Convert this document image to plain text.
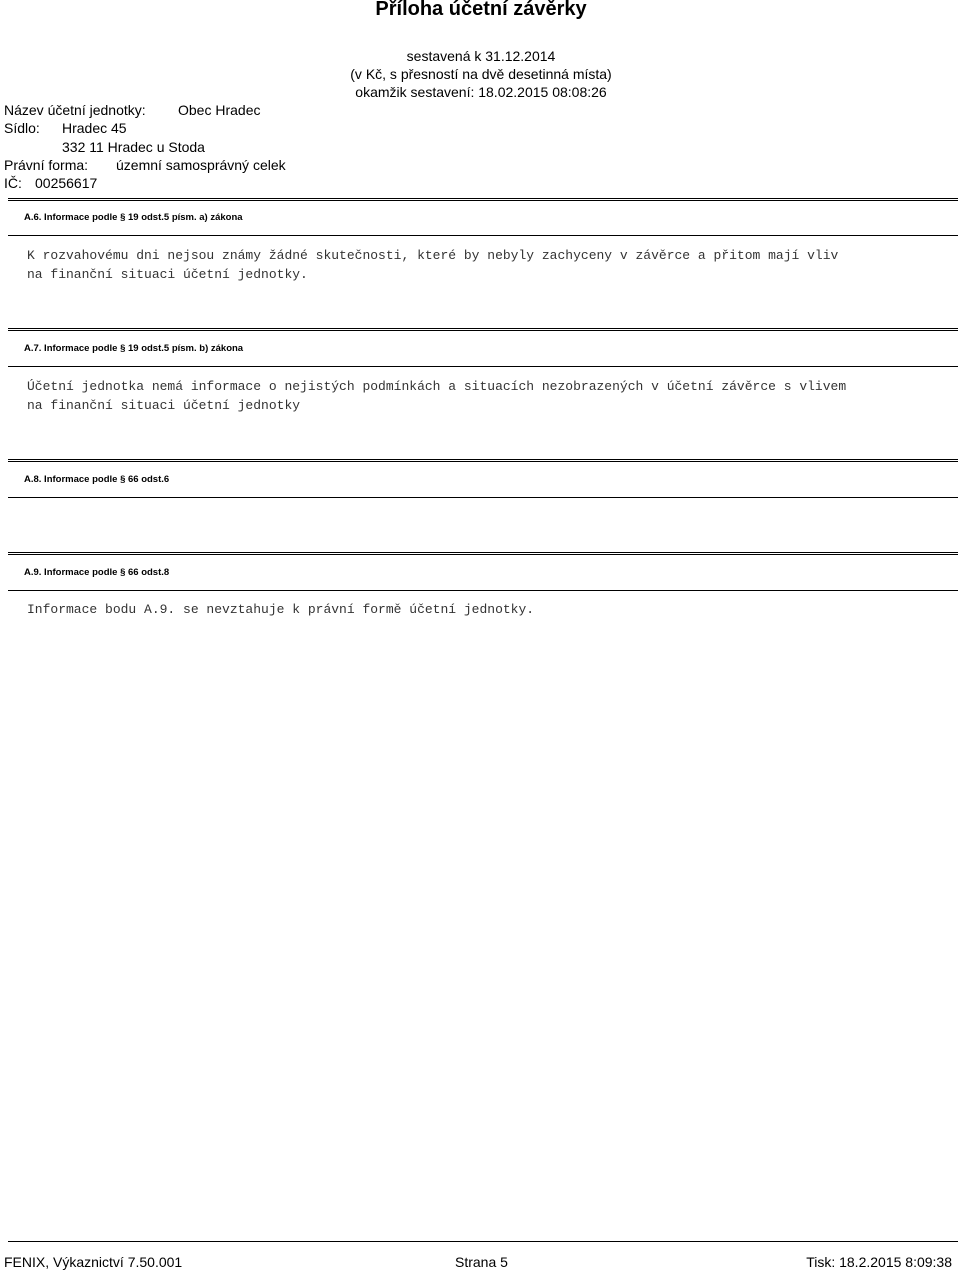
Příloha účetní závěrky
sestavená k 31.12.2014
(v Kč, s přesností na dvě desetinná místa)
okamžik sestavení: 18.02.2015 08:08:26
Název účetní jednotky: Obec Hradec
Sídlo: Hradec 45
332 11 Hradec u Stoda
Právní forma: územní samosprávný celek
IČ: 00256617
A.6. Informace podle § 19 odst.5 písm. a) zákona
K rozvahovému dni nejsou známy žádné skutečnosti, které by nebyly zachyceny v závěrce a přitom mají vliv
na finanční situaci účetní jednotky.
A.7. Informace podle § 19 odst.5 písm. b) zákona
Účetní jednotka nemá informace o nejistých podmínkách a situacích nezobrazených v účetní závěrce s vlivem
na finanční situaci účetní jednotky
A.8. Informace podle § 66 odst.6
A.9. Informace podle § 66 odst.8
Informace bodu A.9. se nevztahuje k právní formě účetní jednotky.
FENIX, Výkaznictví 7.50.001	Strana 5	Tisk: 18.2.2015 8:09:38
